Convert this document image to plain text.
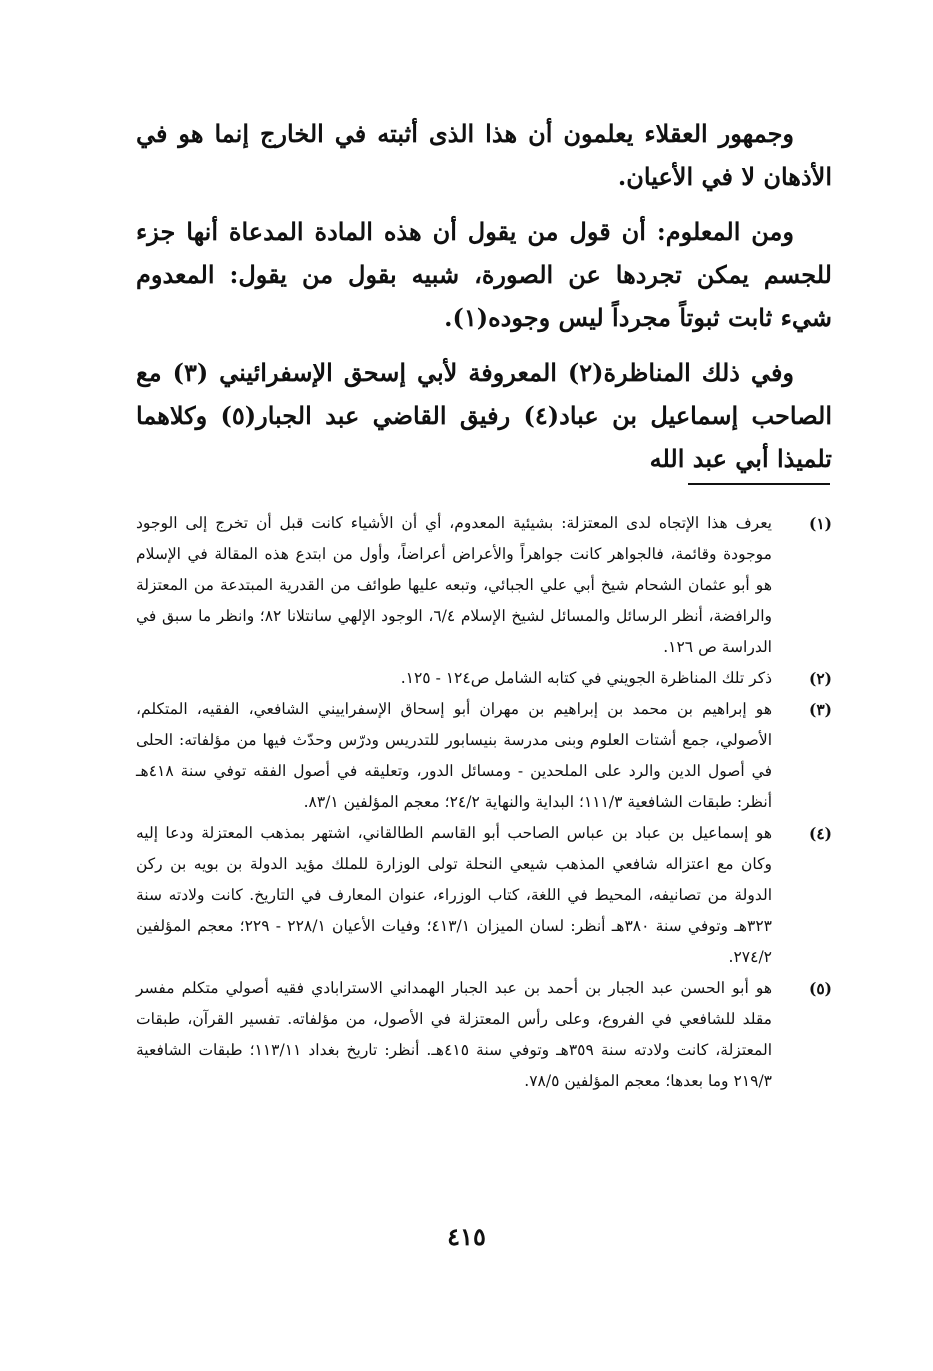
وجمهور العقلاء يعلمون أن هذا الذى أثبته في الخارج إنما هو في الأذهان لا في الأعيان.

ومن المعلوم: أن قول من يقول أن هذه المادة المدعاة أنها جزء للجسم يمكن تجردها عن الصورة، شبيه بقول من يقول: المعدوم شيء ثابت ثبوتاً مجرداً ليس وجوده(١).

وفي ذلك المناظرة(٢) المعروفة لأبي إسحق الإسفرائيني (٣) مع الصاحب إسماعيل بن عباد(٤) رفيق القاضي عبد الجبار(٥) وكلاهما تلميذا أبي عبد الله

(١)
يعرف هذا الإتجاه لدى المعتزلة: بشيئية المعدوم، أي أن الأشياء كانت قبل أن تخرج إلى الوجود موجودة وقائمة، فالجواهر كانت جواهراً والأعراض أعراضاً، وأول من ابتدع هذه المقالة في الإسلام هو أبو عثمان الشحام شيخ أبي علي الجبائي، وتبعه عليها طوائف من القدرية المبتدعة من المعتزلة والرافضة، أنظر الرسائل والمسائل لشيخ الإسلام ٦/٤، الوجود الإلهي سانتلانا ٨٢؛ وانظر ما سبق في الدراسة ص ١٢٦.
(٢)
ذكر تلك المناظرة الجويني في كتابه الشامل ص١٢٤ - ١٢٥.
(٣)
هو إبراهيم بن محمد بن إبراهيم بن مهران أبو إسحاق الإسفراييني الشافعي، الفقيه، المتكلم، الأصولي، جمع أشتات العلوم وبنى مدرسة بنيسابور للتدريس ودرّس وحدّث فيها من مؤلفاته: الحلى في أصول الدين والرد على الملحدين - ومسائل الدور، وتعليقه في أصول الفقه توفي سنة ٤١٨هـ أنظر: طبقات الشافعية ١١١/٣؛ البداية والنهاية ٢٤/٢؛ معجم المؤلفين ٨٣/١.
(٤)
هو إسماعيل بن عباد بن عباس الصاحب أبو القاسم الطالقاني، اشتهر بمذهب المعتزلة ودعا إليه وكان مع اعتزاله شافعي المذهب شيعي النحلة تولى الوزارة للملك مؤيد الدولة بن بويه بن ركن الدولة من تصانيفه، المحيط في اللغة، كتاب الوزراء، عنوان المعارف في التاريخ. كانت ولادته سنة ٣٢٣هـ وتوفي سنة ٣٨٠هـ أنظر: لسان الميزان ٤١٣/١؛ وفيات الأعيان ٢٢٨/١ - ٢٢٩؛ معجم المؤلفين ٢٧٤/٢.
(٥)
هو أبو الحسن عبد الجبار بن أحمد بن عبد الجبار الهمداني الاسترابادي فقيه أصولي متكلم مفسر مقلد للشافعي في الفروع، وعلى رأس المعتزلة في الأصول، من مؤلفاته. تفسير القرآن، طبقات المعتزلة، كانت ولادته سنة ٣٥٩هـ وتوفي سنة ٤١٥هـ. أنظر: تاريخ بغداد ١١٣/١١؛ طبقات الشافعية ٢١٩/٣ وما بعدها؛ معجم المؤلفين ٧٨/٥.
٤١٥
